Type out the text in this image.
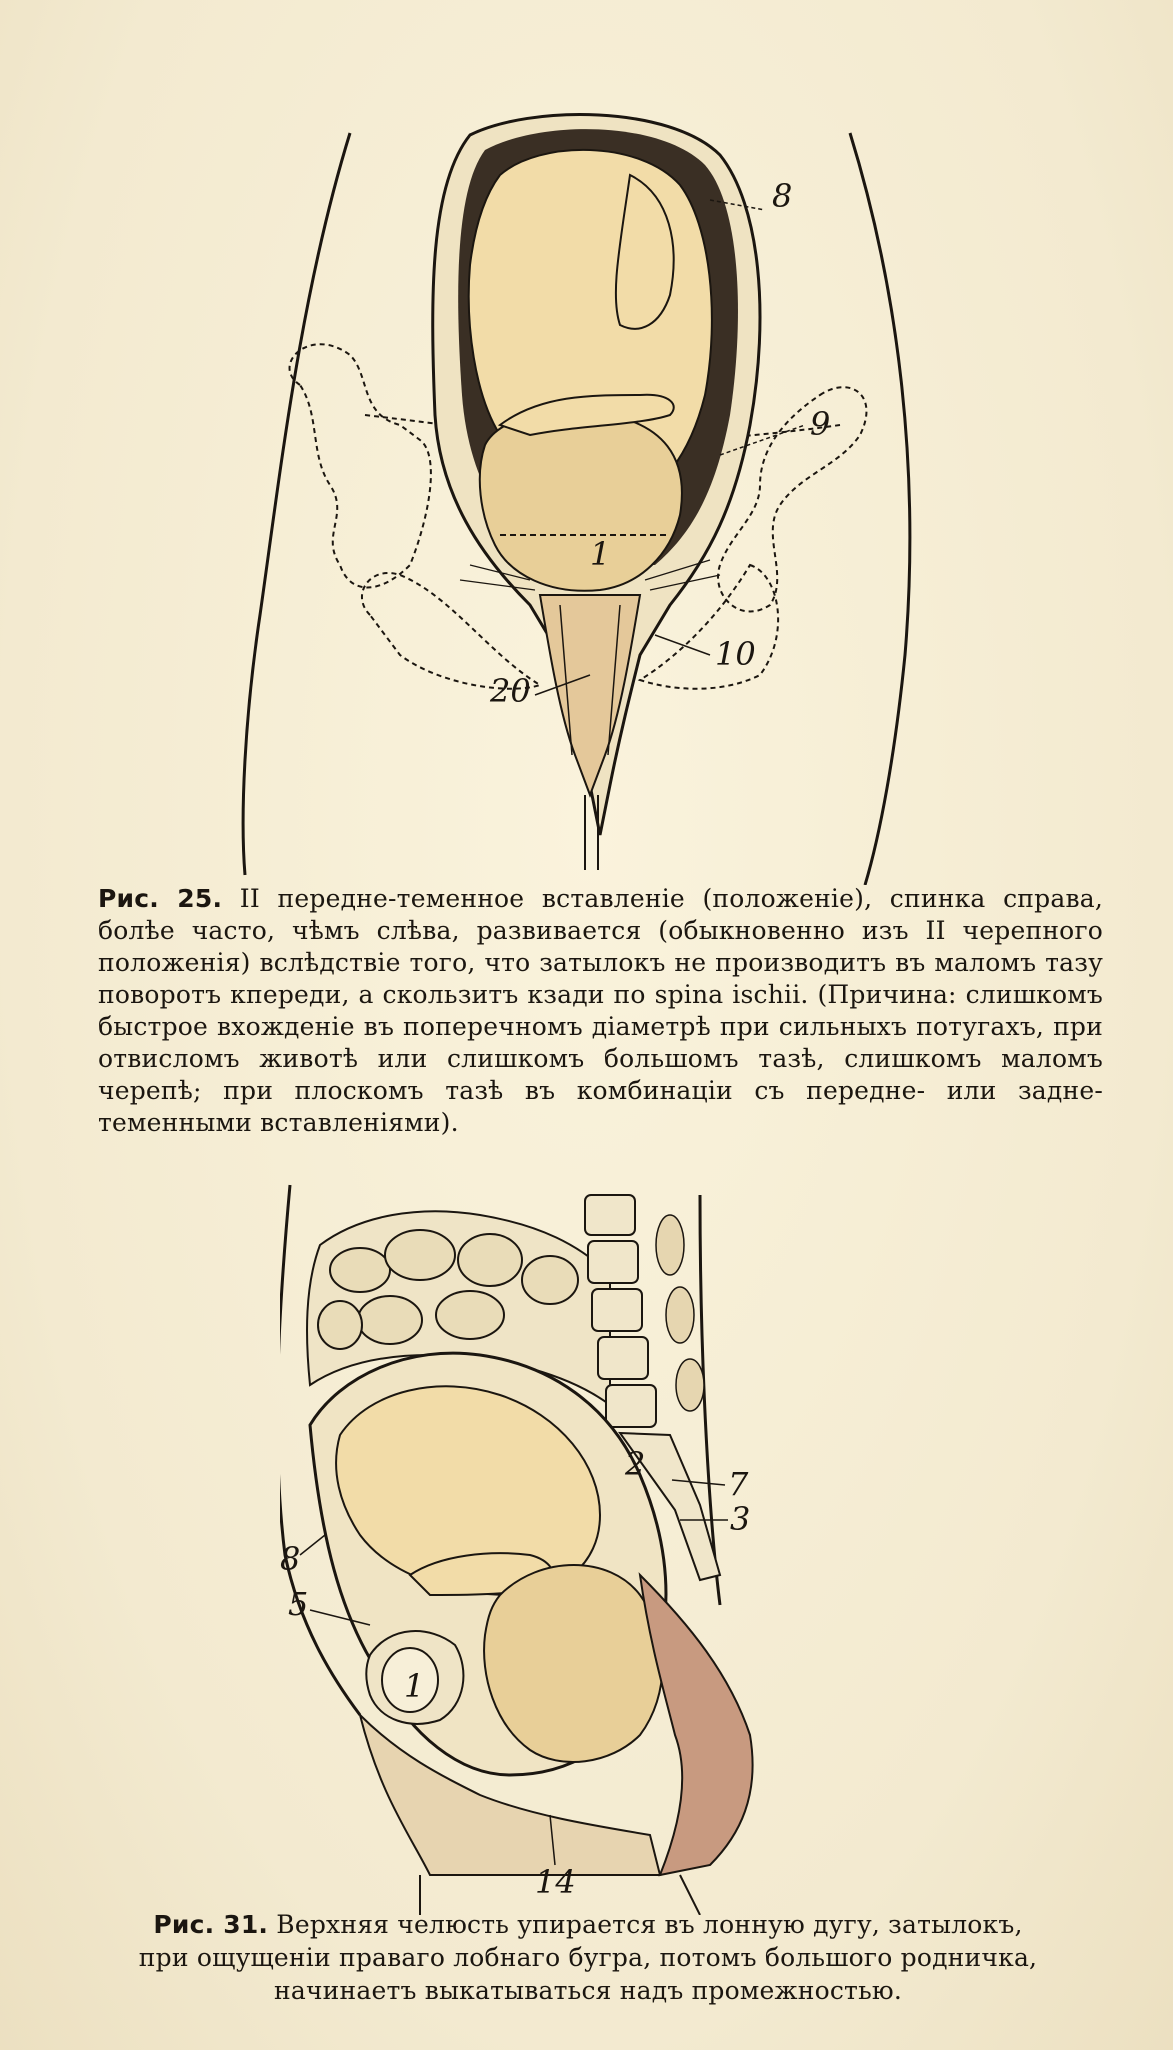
8
9
10
20
1
Рис. 25. II передне-теменное вставленіе (положеніе), спинка справа, болѣе часто, чѣмъ слѣва, развивается (обыкновенно изъ II черепного положенія) вслѣдствіе того, что затылокъ не производитъ въ маломъ тазу поворотъ кпереди, а скользитъ кзади по spina ischii. (Причина: слишкомъ быстрое вхожденіе въ поперечномъ діаметрѣ при сильныхъ потугахъ, при отвисломъ животѣ или слишкомъ большомъ тазѣ, слишкомъ маломъ черепѣ; при плоскомъ тазѣ въ комбинаціи съ передне- или задне-теменными вставленіями).
7
3
8
5
1
14
2
Рис. 31. Верхняя челюсть упирается въ лонную дугу, затылокъ,
при ощущеніи праваго лобнаго бугра, потомъ большого родничка,
начинаетъ выкатываться надъ промежностью.
